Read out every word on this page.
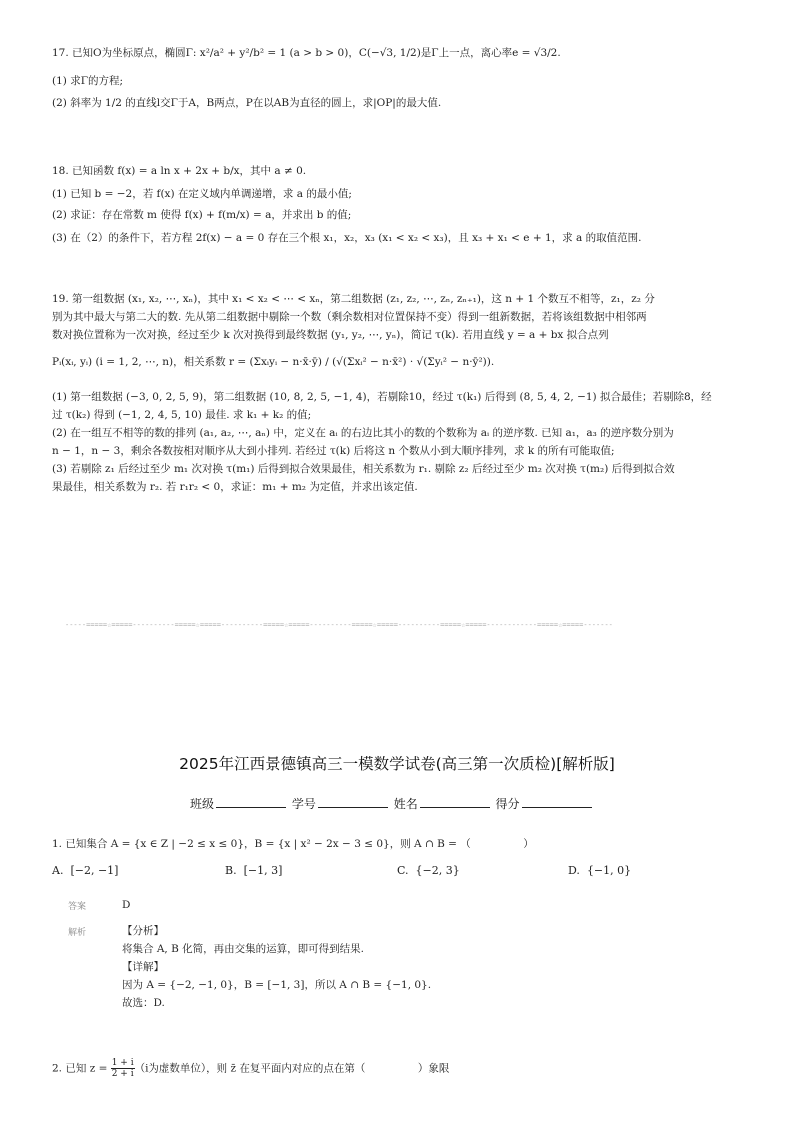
17. 已知O为坐标原点，椭圆Γ: x²/a² + y²/b² = 1 (a > b > 0)，C(−√3, 1/2)是Γ上一点，离心率e = √3/2.
(1) 求Γ的方程;
(2) 斜率为 1/2 的直线l交Γ于A，B两点，P在以AB为直径的圆上，求|OP|的最大值.
18. 已知函数 f(x) = a ln x + 2x + b/x，其中 a ≠ 0.
(1) 已知 b = −2，若 f(x) 在定义域内单调递增，求 a 的最小值;
(2) 求证：存在常数 m 使得 f(x) + f(m/x) = a，并求出 b 的值;
(3) 在（2）的条件下，若方程 2f(x) − a = 0 存在三个根 x₁，x₂，x₃ (x₁ < x₂ < x₃)，且 x₃ + x₁ < e + 1，求 a 的取值范围.
19. 第一组数据 (x₁, x₂, ⋯, xₙ)，其中 x₁ < x₂ < ⋯ < xₙ，第二组数据 (z₁, z₂, ⋯, zₙ, zₙ₊₁)，这 n + 1 个数互不相等，z₁，z₂ 分
别为其中最大与第二大的数. 先从第二组数据中剔除一个数（剩余数相对位置保持不变）得到一组新数据，若将该组数据中相邻两
数对换位置称为一次对换，经过至少 k 次对换得到最终数据 (y₁, y₂, ⋯, yₙ)，简记 τ(k). 若用直线 y = a + bx 拟合点列
Pᵢ(xᵢ, yᵢ) (i = 1, 2, ⋯, n)，相关系数 r = (Σxᵢyᵢ − n·x̄·ȳ) / (√(Σxᵢ² − n·x̄²) · √(Σyᵢ² − n·ȳ²)).
(1) 第一组数据 (−3, 0, 2, 5, 9)，第二组数据 (10, 8, 2, 5, −1, 4)，若剔除10，经过 τ(k₁) 后得到 (8, 5, 4, 2, −1) 拟合最佳；若剔除8，经
过 τ(k₂) 得到 (−1, 2, 4, 5, 10) 最佳. 求 k₁ + k₂ 的值;
(2) 在一组互不相等的数的排列 (a₁, a₂, ⋯, aₙ) 中，定义在 aᵢ 的右边比其小的数的个数称为 aᵢ 的逆序数. 已知 a₁，a₃ 的逆序数分别为
n − 1，n − 3，剩余各数按相对顺序从大到小排列. 若经过 τ(k) 后将这 n 个数从小到大顺序排列，求 k 的所有可能取值;
(3) 若剔除 z₁ 后经过至少 m₁ 次对换 τ(m₁) 后得到拟合效果最佳，相关系数为 r₁. 剔除 z₂ 后经过至少 m₂ 次对换 τ(m₂) 后得到拟合效
果最佳，相关系数为 r₂. 若 r₁r₂ < 0，求证：m₁ + m₂ 为定值，并求出该定值.
-----=====☆=====----------=====☆=====----------=====☆=====----------=====☆=====----------=====☆=====------------=====☆=====-------
2025年江西景德镇高三一模数学试卷(高三第一次质检)[解析版]
班级	学号	姓名	得分
1. 已知集合 A = {x ∈ Z | −2 ≤ x ≤ 0}，B = {x | x² − 2x − 3 ≤ 0}，则 A ∩ B = （　　　　　）
A. [−2, −1]	B. [−1, 3]	C. {−2, 3}	D. {−1, 0}
答案	D
解析	【分析】
将集合 A, B 化简，再由交集的运算，即可得到结果.
【详解】
因为 A = {−2, −1, 0}，B = [−1, 3]，所以 A ∩ B = {−1, 0}.
故选：D.
2. 已知 $z = \frac{1 + i}{2 + i} (i$为虚数单位），则 z̄ 在复平面内对应的点在第（　　　　　）象限
